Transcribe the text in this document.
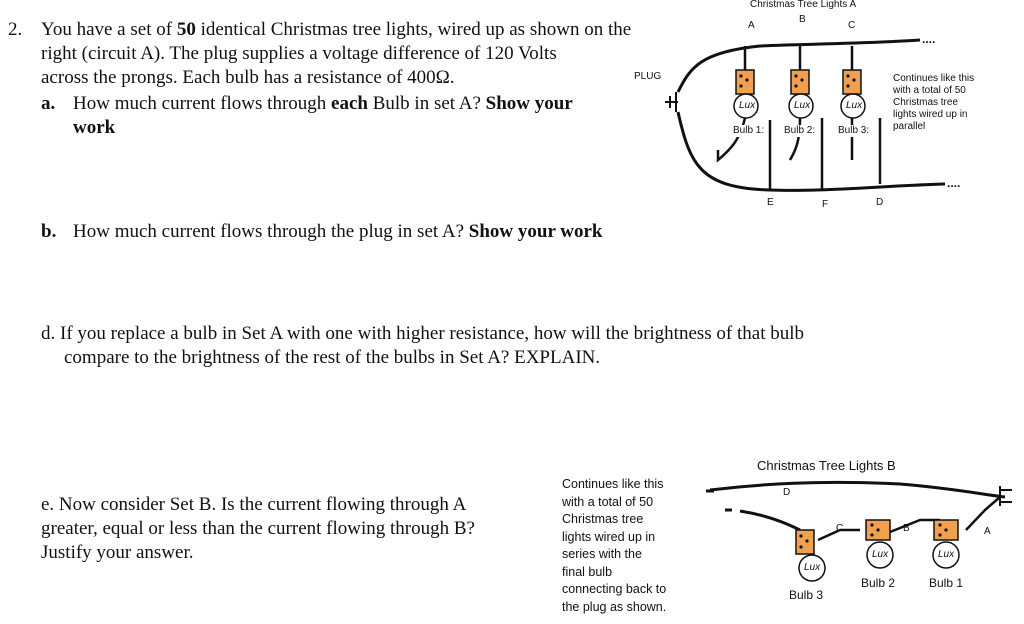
2. You have a set of 50 identical Christmas tree lights, wired up as shown on the
right (circuit A). The plug supplies a voltage difference of 120 Volts
across the prongs. Each bulb has a resistance of 400Ω.
a. How much current flows through each Bulb in set A? Show your
work
b. How much current flows through the plug in set A? Show your work
d. If you replace a bulb in Set A with one with higher resistance, how will the brightness of that bulb
compare to the brightness of the rest of the bulbs in Set A? EXPLAIN.
e. Now consider Set B. Is the current flowing through A
greater, equal or less than the current flowing through B?
Justify your answer.
Lux	Lux	Lux
Christmas Tree Lights A
PLUG
A
B
C
E	F	D
Bulb 1: Bulb 2: Bulb 3:
....
....
Continues like this
with a total of 50
Christmas tree
lights wired up in
parallel
Lux
Lux	Lux
Christmas Tree Lights B
D
C	B	A
Bulb 3
Bulb 2	Bulb 1
Continues like this
with a total of 50
Christmas tree
lights wired up in
series with the
final bulb
connecting back to
the plug as shown.
